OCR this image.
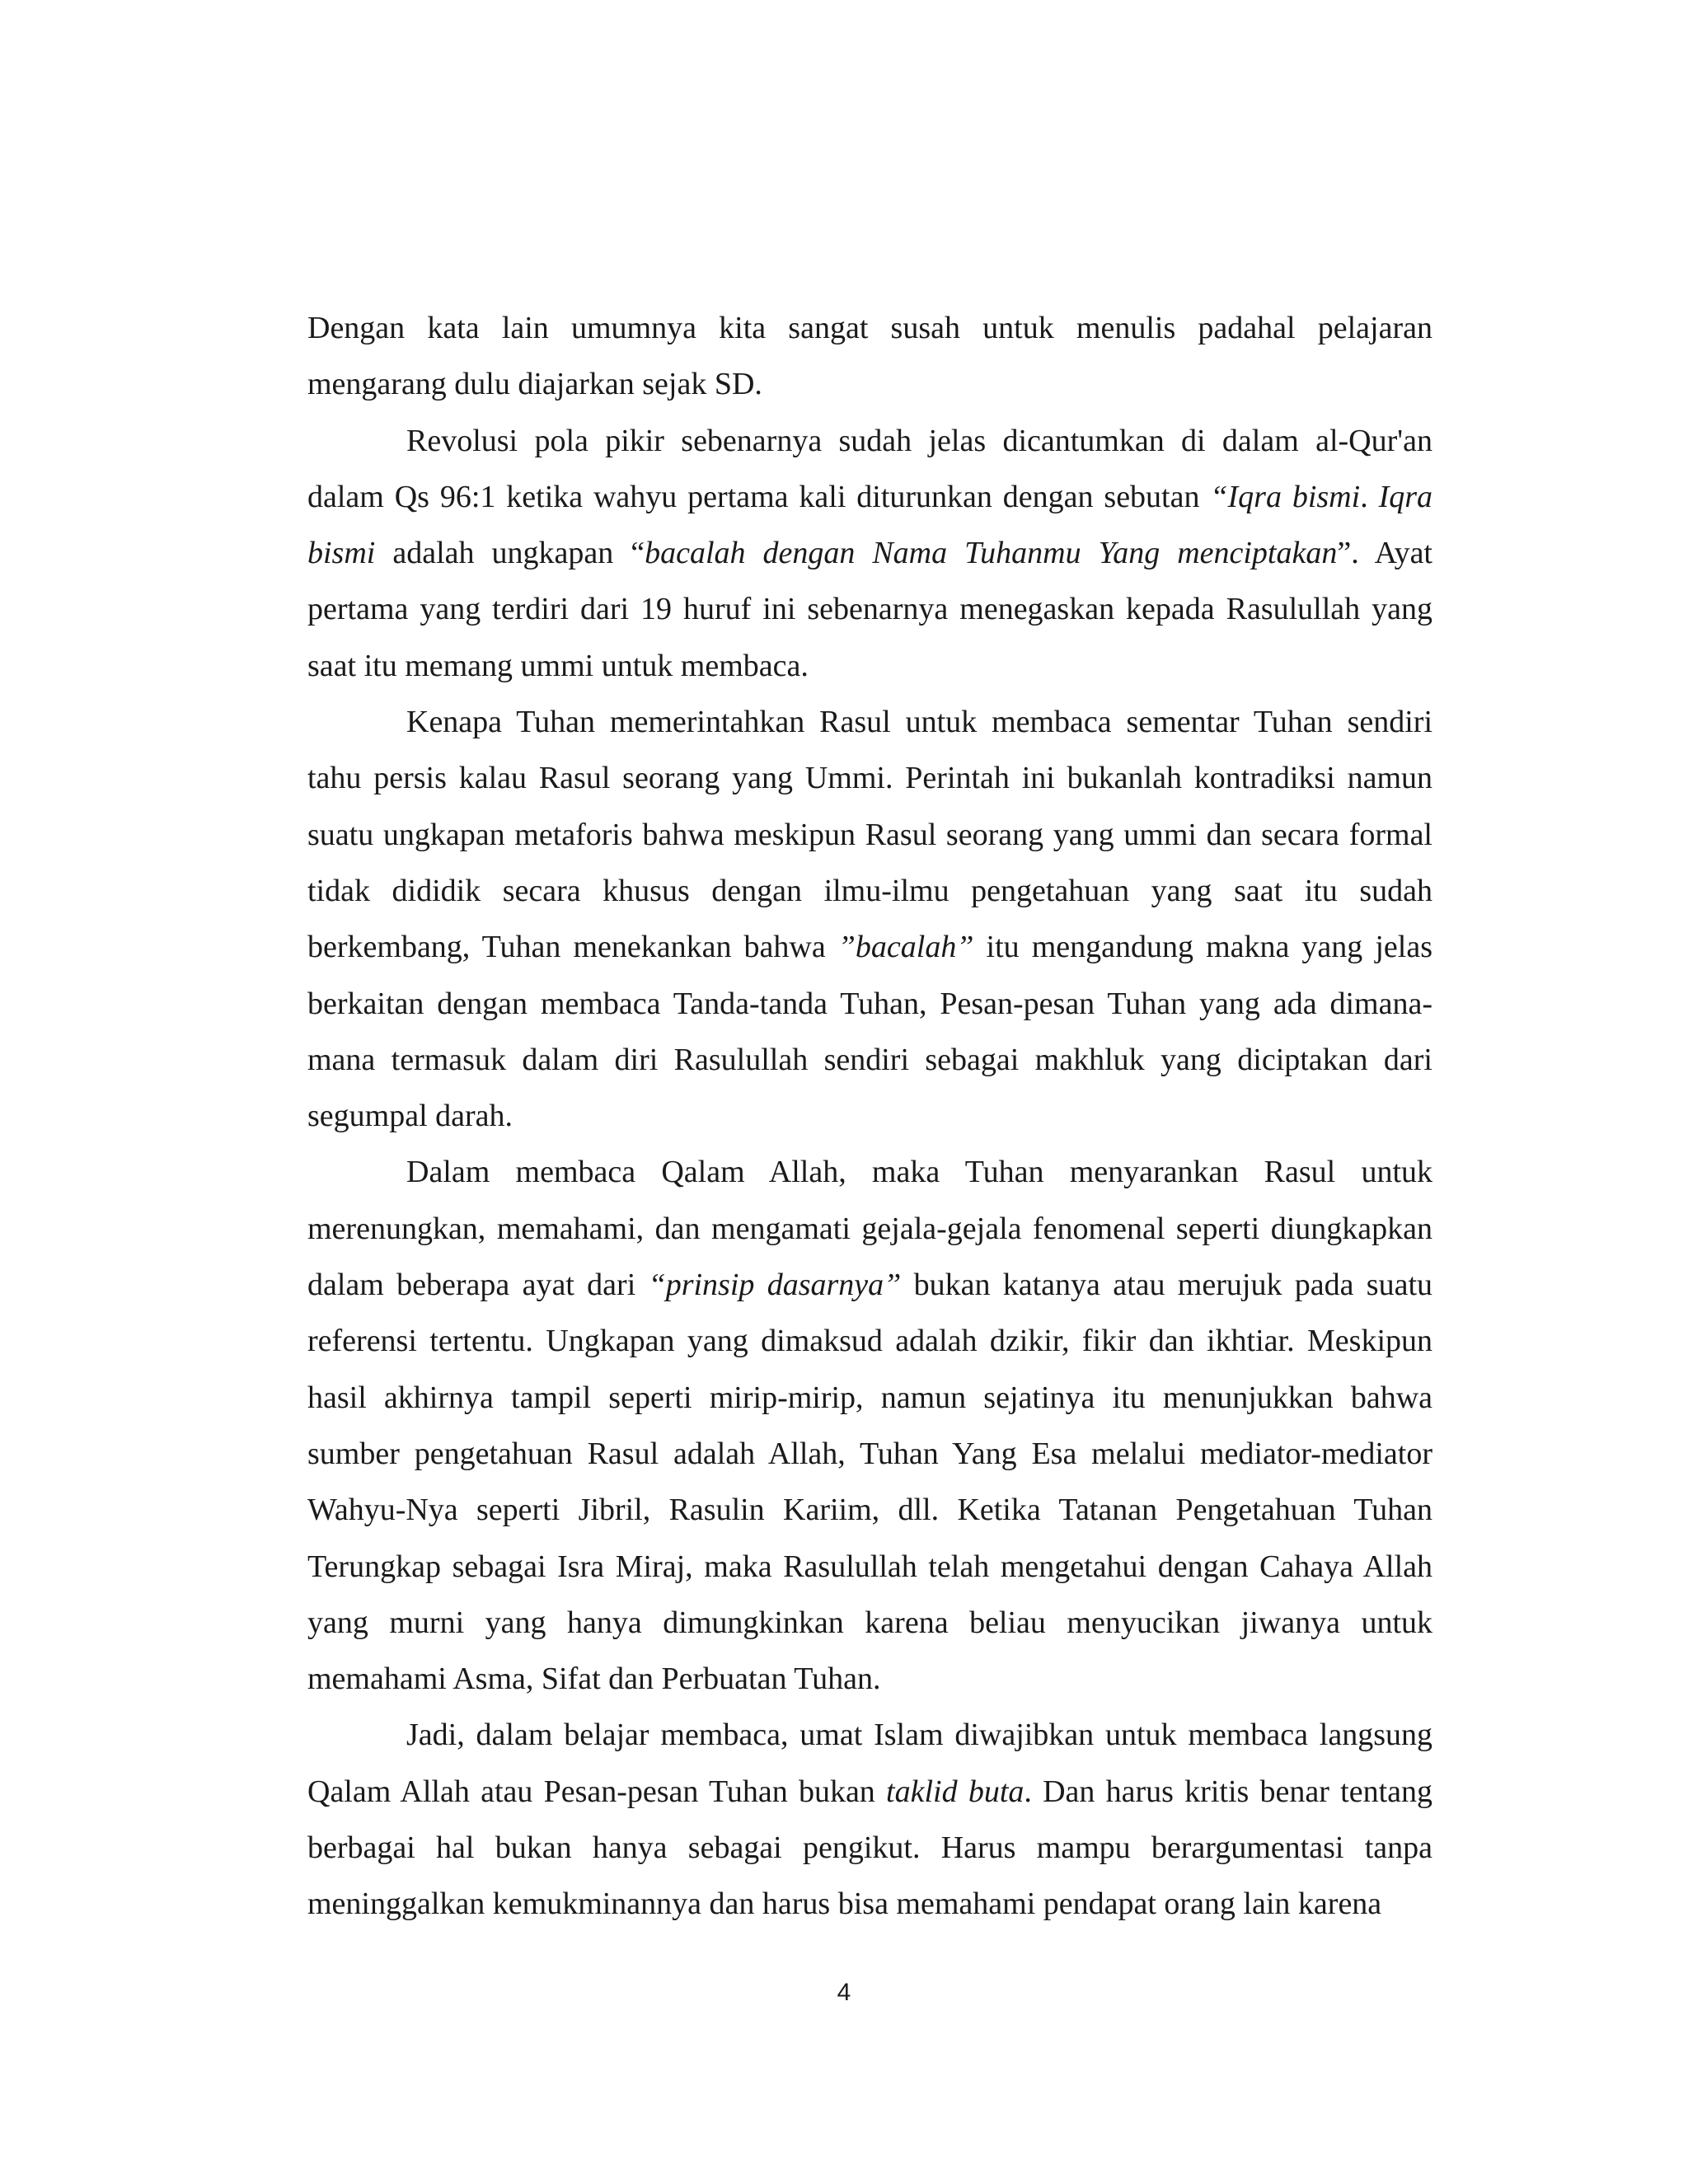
Dengan kata lain umumnya kita sangat susah untuk menulis padahal pelajaran mengarang dulu diajarkan sejak SD.

Revolusi pola pikir sebenarnya sudah jelas dicantumkan di dalam al-Qur'an dalam Qs 96:1 ketika wahyu pertama kali diturunkan dengan sebutan “Iqra bismi. Iqra bismi adalah ungkapan “bacalah dengan Nama Tuhanmu Yang menciptakan”. Ayat pertama yang terdiri dari 19 huruf ini sebenarnya menegaskan kepada Rasulullah yang saat itu memang ummi untuk membaca.

Kenapa Tuhan memerintahkan Rasul untuk membaca sementar Tuhan sendiri tahu persis kalau Rasul seorang yang Ummi. Perintah ini bukanlah kontradiksi namun suatu ungkapan metaforis bahwa meskipun Rasul seorang yang ummi dan secara formal tidak dididik secara khusus dengan ilmu-ilmu pengetahuan yang saat itu sudah berkembang, Tuhan menekankan bahwa ”bacalah” itu mengandung makna yang jelas berkaitan dengan membaca Tanda-tanda Tuhan, Pesan-pesan Tuhan yang ada dimana-mana termasuk dalam diri Rasulullah sendiri sebagai makhluk yang diciptakan dari segumpal darah.

Dalam membaca Qalam Allah, maka Tuhan menyarankan Rasul untuk merenungkan, memahami, dan mengamati gejala-gejala fenomenal seperti diungkapkan dalam beberapa ayat dari “prinsip dasarnya” bukan katanya atau merujuk pada suatu referensi tertentu. Ungkapan yang dimaksud adalah dzikir, fikir dan ikhtiar. Meskipun hasil akhirnya tampil seperti mirip-mirip, namun sejatinya itu menunjukkan bahwa sumber pengetahuan Rasul adalah Allah, Tuhan Yang Esa melalui mediator-mediator Wahyu-Nya seperti Jibril, Rasulin Kariim, dll. Ketika Tatanan Pengetahuan Tuhan Terungkap sebagai Isra Miraj, maka Rasulullah telah mengetahui dengan Cahaya Allah yang murni yang hanya dimungkinkan karena beliau menyucikan jiwanya untuk memahami Asma, Sifat dan Perbuatan Tuhan.

Jadi, dalam belajar membaca, umat Islam diwajibkan untuk membaca langsung Qalam Allah atau Pesan-pesan Tuhan bukan taklid buta. Dan harus kritis benar tentang berbagai hal bukan hanya sebagai pengikut. Harus mampu berargumentasi tanpa meninggalkan kemukminannya dan harus bisa memahami pendapat orang lain karena

4
